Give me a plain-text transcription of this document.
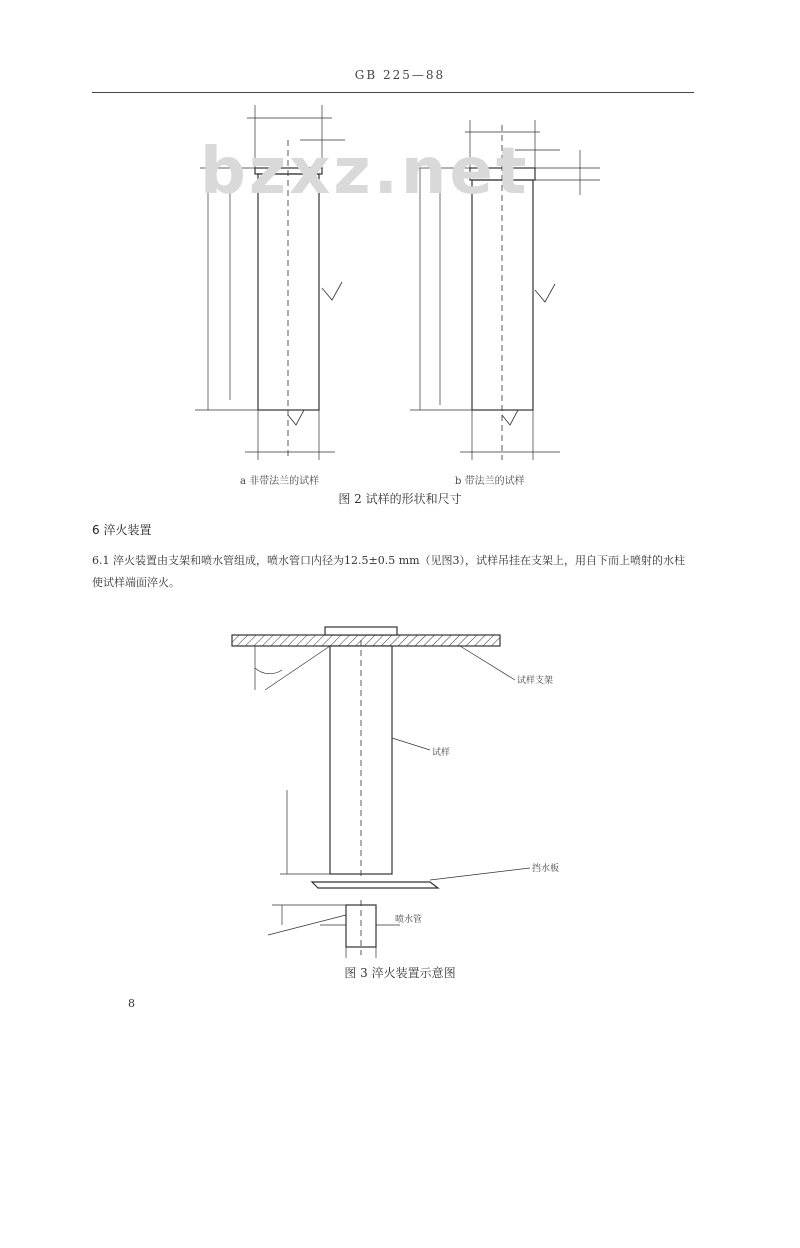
GB 225—88
bzxz.net
a 非带法兰的试样	b 带法兰的试样
图 2 试样的形状和尺寸
6 淬火装置
6.1 淬火装置由支架和喷水管组成，喷水管口内径为12.5±0.5 mm（见图3），试样吊挂在支架上，用自下而上喷射的水柱使试样端面淬火。
试样支架
试样
挡水板
喷水管
图 3 淬火装置示意图
8
